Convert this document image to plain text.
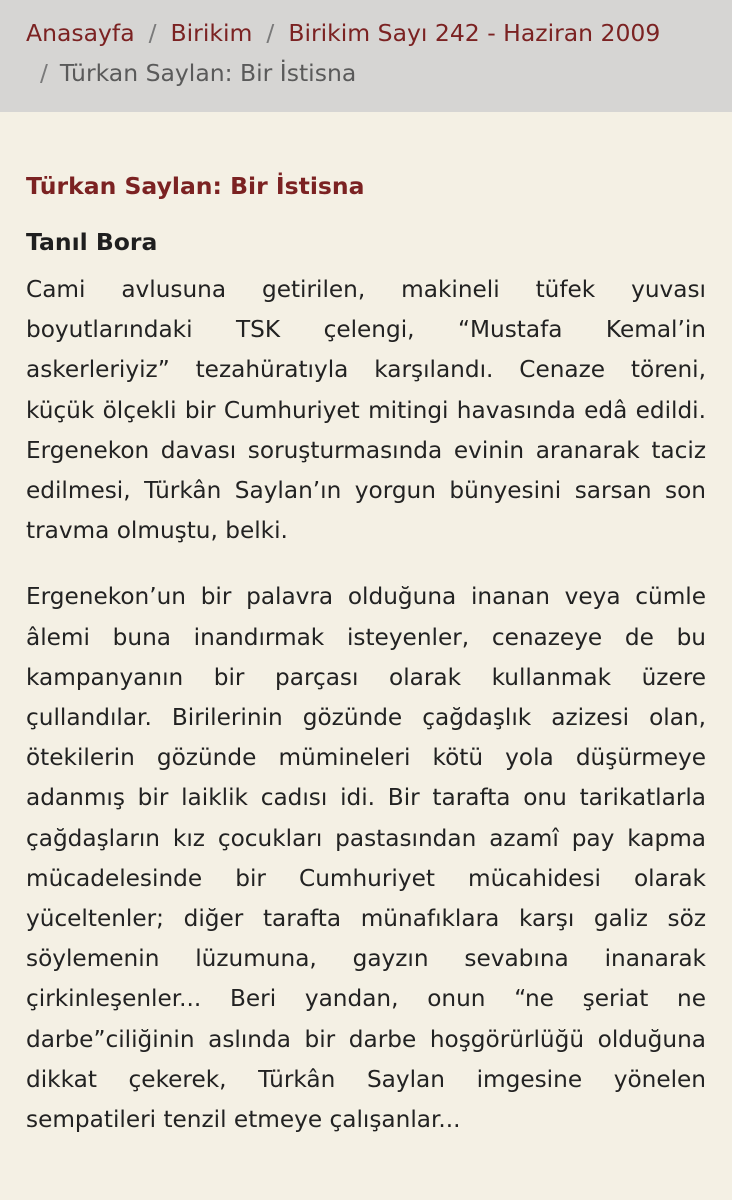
Anasayfa / Birikim / Birikim Sayı 242 - Haziran 2009
/ Türkan Saylan: Bir İstisna
Türkan Saylan: Bir İstisna
Tanıl Bora

Cami avlusuna getirilen, makineli tüfek yuvası boyutlarındaki TSK çelengi, “Mustafa Kemal’in askerleriyiz” tezahüratıyla karşılandı. Cenaze töreni, küçük ölçekli bir Cumhuriyet mitingi havasında edâ edildi. Ergenekon davası soruşturmasında evinin aranarak taciz edilmesi, Türkân Saylan’ın yorgun bünyesini sarsan son travma olmuştu, belki.

Ergenekon’un bir palavra olduğuna inanan veya cümle âlemi buna inandırmak isteyenler, cenazeye de bu kampanyanın bir parçası olarak kullanmak üzere çullandılar. Birilerinin gözünde çağdaşlık azizesi olan, ötekilerin gözünde mümineleri kötü yola düşürmeye adanmış bir laiklik cadısı idi. Bir tarafta onu tarikatlarla çağdaşların kız çocukları pastasından azamî pay kapma mücadelesinde bir Cumhuriyet mücahidesi olarak yüceltenler; diğer tarafta münafıklara karşı galiz söz söylemenin lüzumuna, gayzın sevabına inanarak çirkinleşenler... Beri yandan, onun “ne şeriat ne darbe”ciliğinin aslında bir darbe hoşgörürlüğü olduğuna dikkat çekerek, Türkân Saylan imgesine yönelen sempatileri tenzil etmeye çalışanlar...
